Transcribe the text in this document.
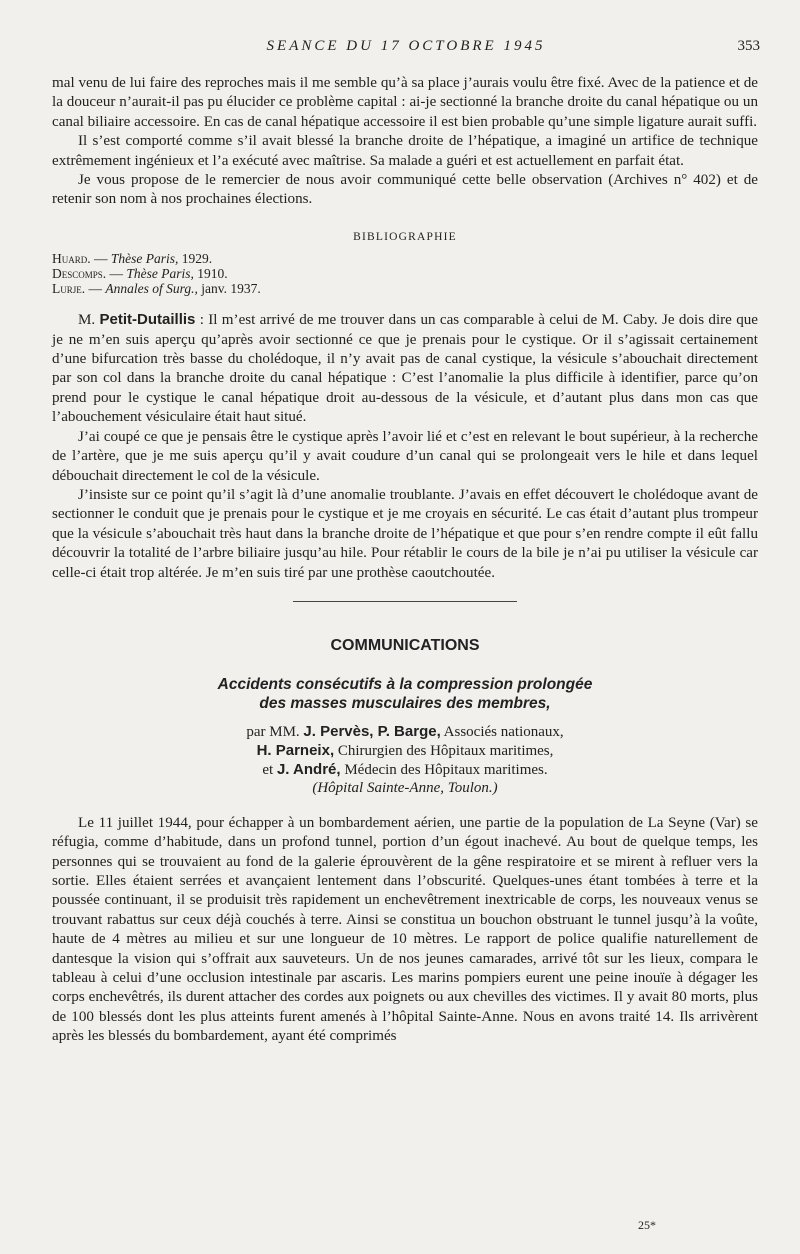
SEANCE DU 17 OCTOBRE 1945	353

mal venu de lui faire des reproches mais il me semble qu’à sa place j’aurais voulu être fixé. Avec de la patience et de la douceur n’aurait-il pas pu élucider ce problème capital : ai-je sectionné la branche droite du canal hépatique ou un canal biliaire accessoire. En cas de canal hépatique accessoire il est bien probable qu’une simple ligature aurait suffi.

Il s’est comporté comme s’il avait blessé la branche droite de l’hépatique, a imaginé un artifice de technique extrêmement ingénieux et l’a exécuté avec maîtrise. Sa malade a guéri et est actuellement en parfait état.

Je vous propose de le remercier de nous avoir communiqué cette belle observation (Archives n° 402) et de retenir son nom à nos prochaines élections.

BIBLIOGRAPHIE
Huard. — Thèse Paris, 1929.
Descomps. — Thèse Paris, 1910.
Lurje. — Annales of Surg., janv. 1937.

M. Petit-Dutaillis : Il m’est arrivé de me trouver dans un cas comparable à celui de M. Caby. Je dois dire que je ne m’en suis aperçu qu’après avoir sectionné ce que je prenais pour le cystique. Or il s’agissait certainement d’une bifurcation très basse du cholédoque, il n’y avait pas de canal cystique, la vésicule s’abouchait directement par son col dans la branche droite du canal hépatique : C’est l’anomalie la plus difficile à identifier, parce qu’on prend pour le cystique le canal hépatique droit au-dessous de la vésicule, et d’autant plus dans mon cas que l’abouchement vésiculaire était haut situé.

J’ai coupé ce que je pensais être le cystique après l’avoir lié et c’est en relevant le bout supérieur, à la recherche de l’artère, que je me suis aperçu qu’il y avait coudure d’un canal qui se prolongeait vers le hile et dans lequel débouchait directement le col de la vésicule.

J’insiste sur ce point qu’il s’agit là d’une anomalie troublante. J’avais en effet découvert le cholédoque avant de sectionner le conduit que je prenais pour le cystique et je me croyais en sécurité. Le cas était d’autant plus trompeur que la vésicule s’abouchait très haut dans la branche droite de l’hépatique et que pour s’en rendre compte il eût fallu découvrir la totalité de l’arbre biliaire jusqu’au hile. Pour rétablir le cours de la bile je n’ai pu utiliser la vésicule car celle-ci était trop altérée. Je m’en suis tiré par une prothèse caoutchoutée.

COMMUNICATIONS
Accidents consécutifs à la compression prolongée
des masses musculaires des membres,
par MM. J. Pervès, P. Barge, Associés nationaux,
H. Parneix, Chirurgien des Hôpitaux maritimes,
et J. André, Médecin des Hôpitaux maritimes.
(Hôpital Sainte-Anne, Toulon.)

Le 11 juillet 1944, pour échapper à un bombardement aérien, une partie de la population de La Seyne (Var) se réfugia, comme d’habitude, dans un profond tunnel, portion d’un égout inachevé. Au bout de quelque temps, les personnes qui se trouvaient au fond de la galerie éprouvèrent de la gêne respiratoire et se mirent à refluer vers la sortie. Elles étaient serrées et avançaient lentement dans l’obscurité. Quelques-unes étant tombées à terre et la poussée continuant, il se produisit très rapidement un enchevêtrement inextricable de corps, les nouveaux venus se trouvant rabattus sur ceux déjà couchés à terre. Ainsi se constitua un bouchon obstruant le tunnel jusqu’à la voûte, haute de 4 mètres au milieu et sur une longueur de 10 mètres. Le rapport de police qualifie naturellement de dantesque la vision qui s’offrait aux sauveteurs. Un de nos jeunes camarades, arrivé tôt sur les lieux, compara le tableau à celui d’une occlusion intestinale par ascaris. Les marins pompiers eurent une peine inouïe à dégager les corps enchevêtrés, ils durent attacher des cordes aux poignets ou aux chevilles des victimes. Il y avait 80 morts, plus de 100 blessés dont les plus atteints furent amenés à l’hôpital Sainte-Anne. Nous en avons traité 14. Ils arrivèrent après les blessés du bombardement, ayant été comprimés

25*
